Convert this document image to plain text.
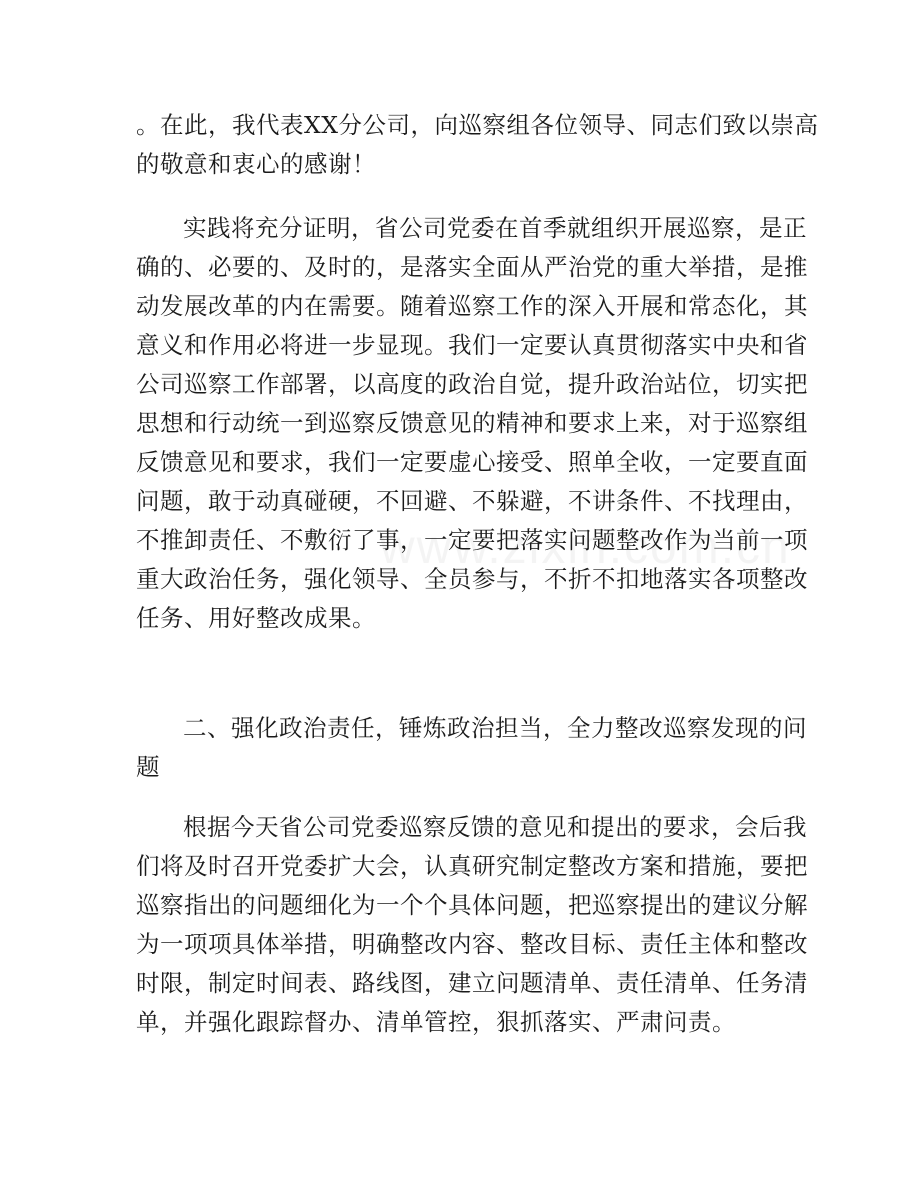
。在此，我代表XX分公司，向巡察组各位领导、同志们致以崇高
的敬意和衷心的感谢！
实践将充分证明，省公司党委在首季就组织开展巡察，是正
确的、必要的、及时的，是落实全面从严治党的重大举措，是推
动发展改革的内在需要。随着巡察工作的深入开展和常态化，其
意义和作用必将进一步显现。我们一定要认真贯彻落实中央和省
公司巡察工作部署，以高度的政治自觉，提升政治站位，切实把
思想和行动统一到巡察反馈意见的精神和要求上来，对于巡察组
反馈意见和要求，我们一定要虚心接受、照单全收，一定要直面
问题，敢于动真碰硬，不回避、不躲避，不讲条件、不找理由，
不推卸责任、不敷衍了事，一定要把落实问题整改作为当前一项
重大政治任务，强化领导、全员参与，不折不扣地落实各项整改
任务、用好整改成果。
二、强化政治责任，锤炼政治担当，全力整改巡察发现的问
题
根据今天省公司党委巡察反馈的意见和提出的要求，会后我
们将及时召开党委扩大会，认真研究制定整改方案和措施，要把
巡察指出的问题细化为一个个具体问题，把巡察提出的建议分解
为一项项具体举措，明确整改内容、整改目标、责任主体和整改
时限，制定时间表、路线图，建立问题清单、责任清单、任务清
单，并强化跟踪督办、清单管控，狠抓落实、严肃问责。
